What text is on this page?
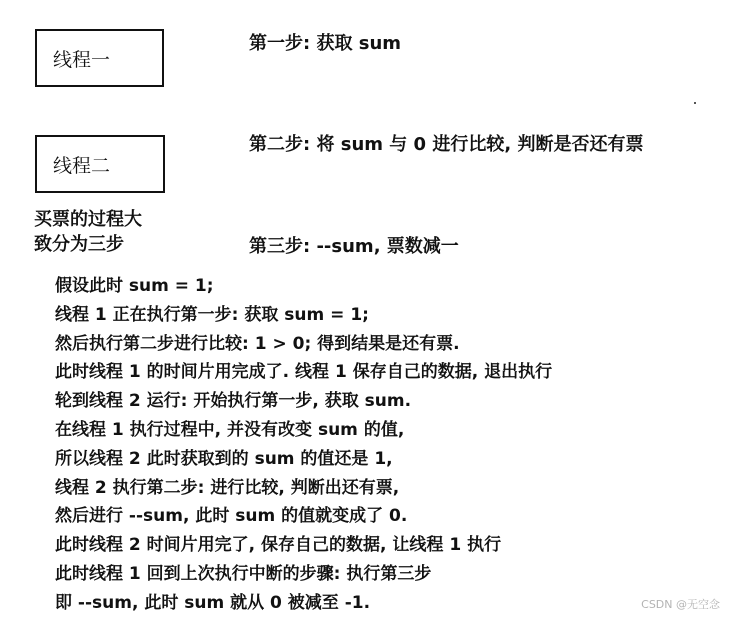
线程一
线程二
第一步: 获取 sum
第二步: 将 sum 与 0 进行比较, 判断是否还有票
第三步: --sum, 票数减一
买票的过程大
致分为三步
假设此时 sum = 1;
线程 1 正在执行第一步: 获取 sum = 1;
然后执行第二步进行比较: 1 > 0; 得到结果是还有票.
此时线程 1 的时间片用完成了. 线程 1 保存自己的数据, 退出执行
轮到线程 2 运行: 开始执行第一步, 获取 sum.
在线程 1 执行过程中, 并没有改变 sum 的值,
所以线程 2 此时获取到的 sum 的值还是 1,
线程 2 执行第二步: 进行比较, 判断出还有票,
然后进行 --sum, 此时 sum 的值就变成了 0.
此时线程 2 时间片用完了, 保存自己的数据, 让线程 1 执行
此时线程 1 回到上次执行中断的步骤: 执行第三步
即 --sum, 此时 sum 就从 0 被减至 -1.	CSDN @无空念
